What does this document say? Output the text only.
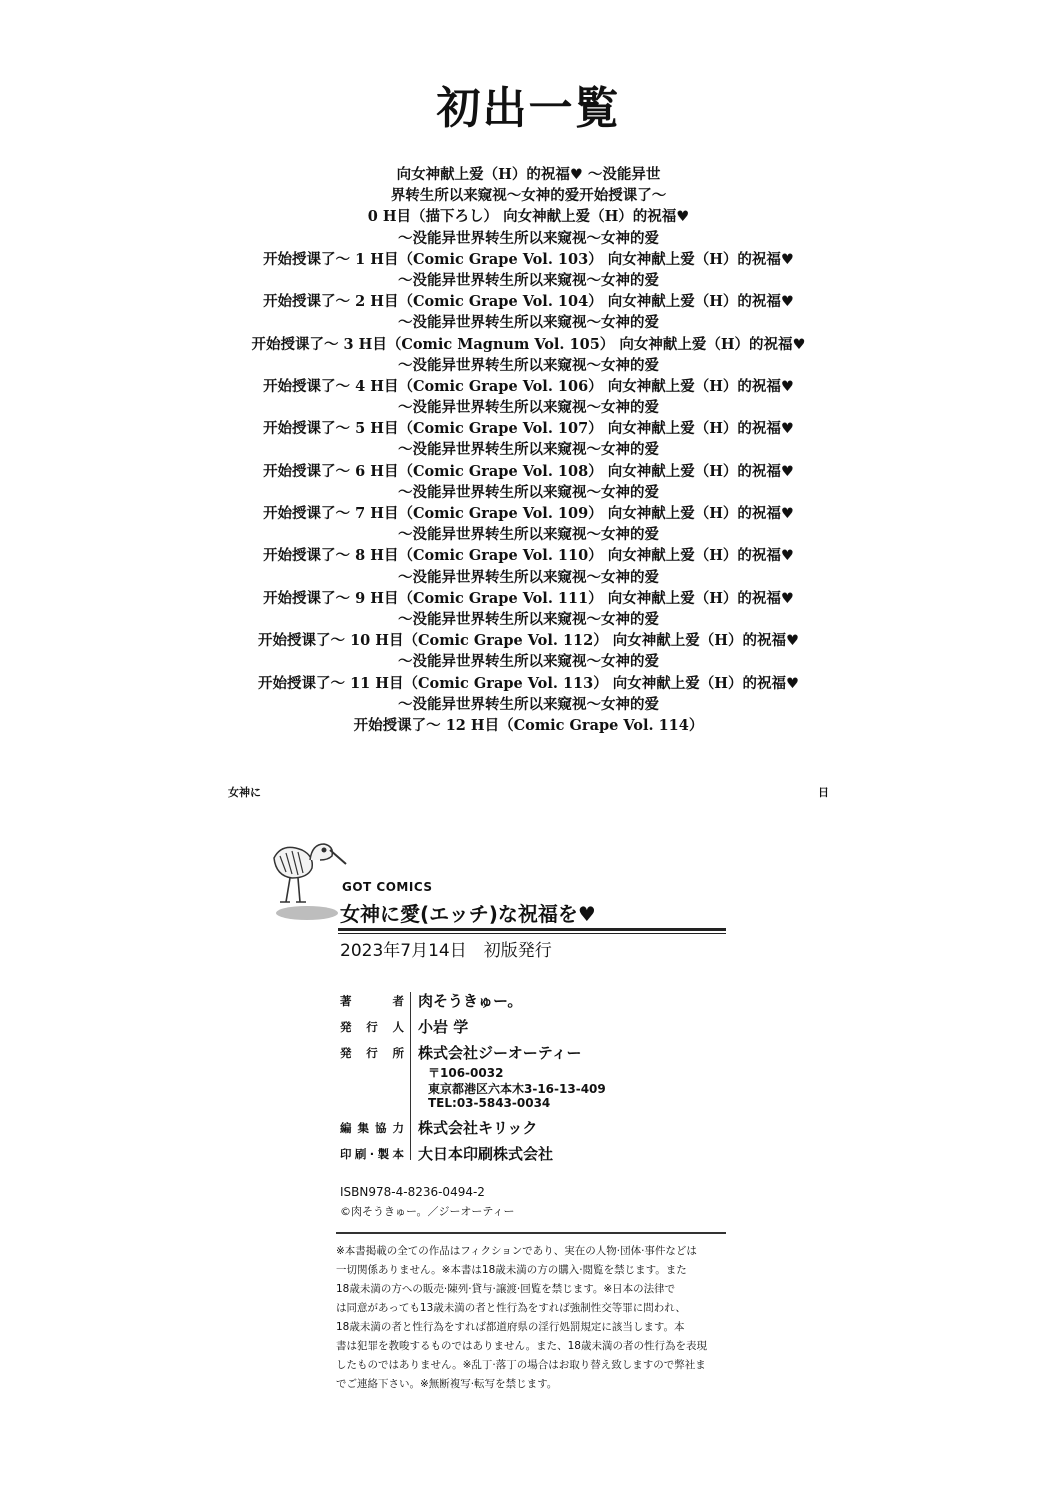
初出一覧
向女神献上爱（H）的祝福♥ ～没能异世
界转生所以来窥视～女神的爱开始授课了～
0 H目（描下ろし） 向女神献上爱（H）的祝福♥
～没能异世界转生所以来窥视～女神的爱
开始授课了～ 1 H目（Comic Grape Vol. 103） 向女神献上爱（H）的祝福♥
～没能异世界转生所以来窥视～女神的爱
开始授课了～ 2 H目（Comic Grape Vol. 104） 向女神献上爱（H）的祝福♥
～没能异世界转生所以来窥视～女神的爱
开始授课了～ 3 H目（Comic Magnum Vol. 105） 向女神献上爱（H）的祝福♥
～没能异世界转生所以来窥视～女神的爱
开始授课了～ 4 H目（Comic Grape Vol. 106） 向女神献上爱（H）的祝福♥
～没能异世界转生所以来窥视～女神的爱
开始授课了～ 5 H目（Comic Grape Vol. 107） 向女神献上爱（H）的祝福♥
～没能异世界转生所以来窥视～女神的爱
开始授课了～ 6 H目（Comic Grape Vol. 108） 向女神献上爱（H）的祝福♥
～没能异世界转生所以来窥视～女神的爱
开始授课了～ 7 H目（Comic Grape Vol. 109） 向女神献上爱（H）的祝福♥
～没能异世界转生所以来窥视～女神的爱
开始授课了～ 8 H目（Comic Grape Vol. 110） 向女神献上爱（H）的祝福♥
～没能异世界转生所以来窥视～女神的爱
开始授课了～ 9 H目（Comic Grape Vol. 111） 向女神献上爱（H）的祝福♥
～没能异世界转生所以来窥视～女神的爱
开始授课了～ 10 H目（Comic Grape Vol. 112） 向女神献上爱（H）的祝福♥
～没能异世界转生所以来窥视～女神的爱
开始授课了～ 11 H目（Comic Grape Vol. 113） 向女神献上爱（H）的祝福♥
～没能异世界转生所以来窥视～女神的爱
开始授课了～ 12 H目（Comic Grape Vol. 114）
女神に	日
GOT COMICS
女神に愛(エッチ)な祝福を♥
2023年7月14日　初版発行
著者 肉そうきゅー。
発行人 小岩 学
発行所 株式会社ジーオーティー
編集協力 株式会社キリック
印刷·製本 大日本印刷株式会社
〒106-0032
東京都港区六本木3-16-13-409
TEL:03-5843-0034
ISBN978-4-8236-0494-2
©肉そうきゅー。／ジーオーティー
※本書掲載の全ての作品はフィクションであり、実在の人物·団体·事件などは
一切関係ありません。※本書は18歳未満の方の購入·閲覧を禁じます。また
18歳未満の方への販売·陳列·貸与·譲渡·回覧を禁じます。※日本の法律で
は同意があっても13歳未満の者と性行為をすれば強制性交等罪に問われ、
18歳未満の者と性行為をすれば都道府県の淫行処罰規定に該当します。本
書は犯罪を教唆するものではありません。また、18歳未満の者の性行為を表現
したものではありません。※乱丁·落丁の場合はお取り替え致しますので弊社ま
でご連絡下さい。※無断複写·転写を禁じます。
